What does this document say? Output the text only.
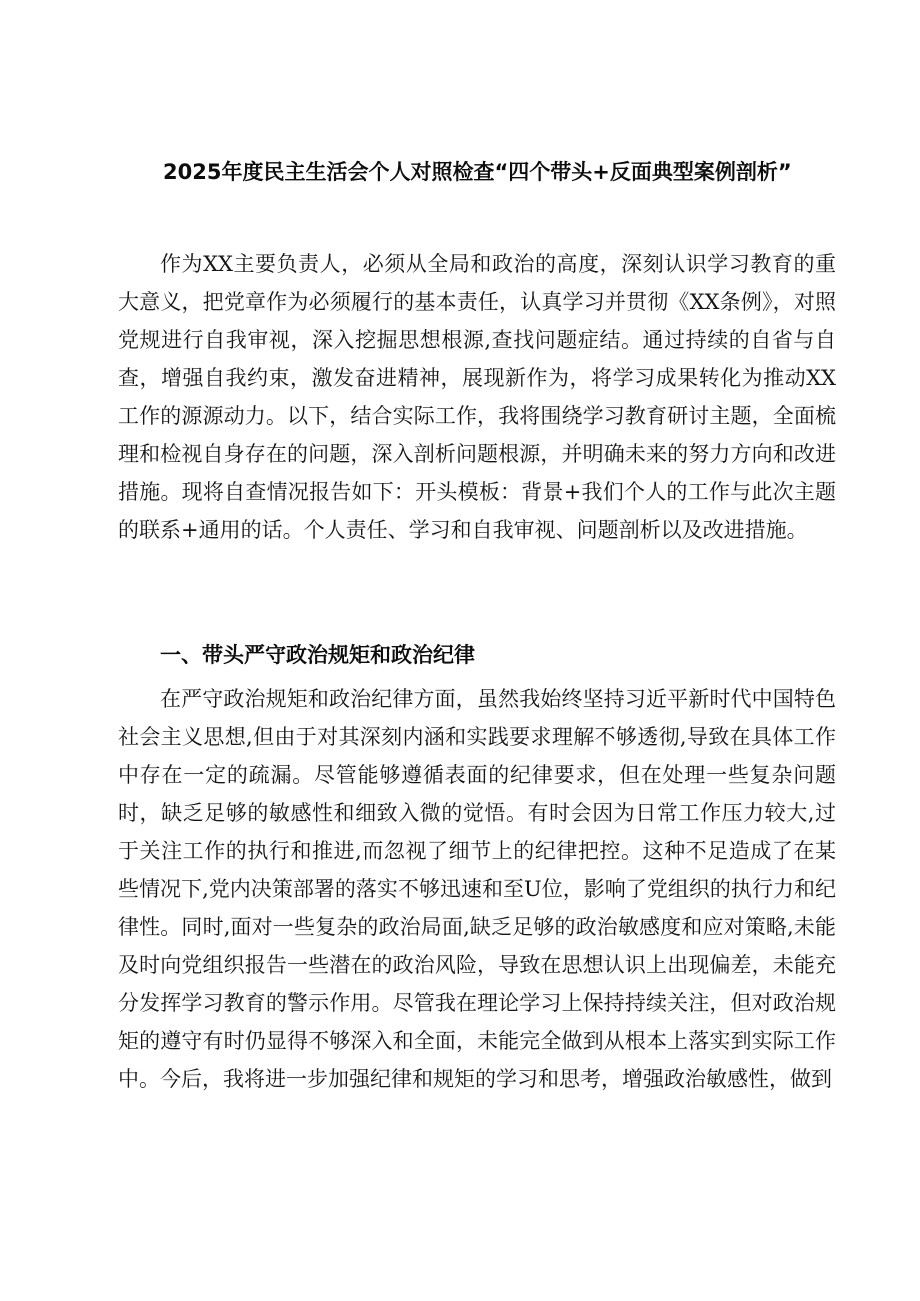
2025年度民主生活会个人对照检查“四个带头+反面典型案例剖析”

作为XX主要负责人，必须从全局和政治的高度，深刻认识学习教育的重大意义，把党章作为必须履行的基本责任，认真学习并贯彻《XX条例》，对照党规进行自我审视，深入挖掘思想根源,查找问题症结。通过持续的自省与自查，增强自我约束，激发奋进精神，展现新作为，将学习成果转化为推动XX工作的源源动力。以下，结合实际工作，我将围绕学习教育研讨主题，全面梳理和检视自身存在的问题，深入剖析问题根源，并明确未来的努力方向和改进措施。现将自查情况报告如下：开头模板：背景+我们个人的工作与此次主题的联系+通用的话。个人责任、学习和自我审视、问题剖析以及改进措施。

一、带头严守政治规矩和政治纪律

在严守政治规矩和政治纪律方面，虽然我始终坚持习近平新时代中国特色社会主义思想,但由于对其深刻内涵和实践要求理解不够透彻,导致在具体工作中存在一定的疏漏。尽管能够遵循表面的纪律要求，但在处理一些复杂问题时，缺乏足够的敏感性和细致入微的觉悟。有时会因为日常工作压力较大,过于关注工作的执行和推进,而忽视了细节上的纪律把控。这种不足造成了在某些情况下,党内决策部署的落实不够迅速和至U位，影响了党组织的执行力和纪律性。同时,面对一些复杂的政治局面,缺乏足够的政治敏感度和应对策略,未能及时向党组织报告一些潜在的政治风险，导致在思想认识上出现偏差，未能充分发挥学习教育的警示作用。尽管我在理论学习上保持持续关注，但对政治规矩的遵守有时仍显得不够深入和全面，未能完全做到从根本上落实到实际工作中。今后，我将进一步加强纪律和规矩的学习和思考，增强政治敏感性，做到
